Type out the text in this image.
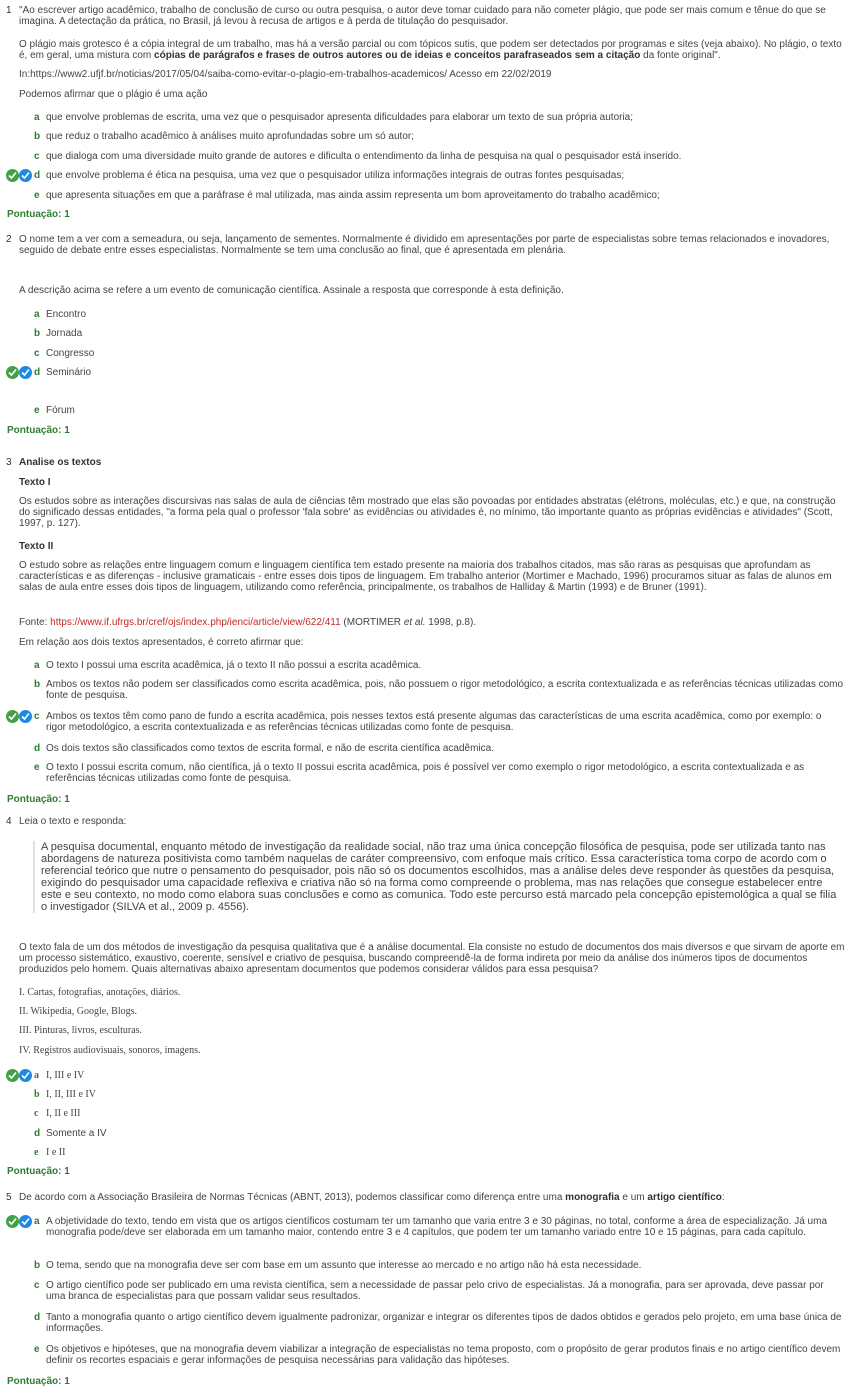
1 "Ao escrever artigo acadêmico, trabalho de conclusão de curso ou outra pesquisa, o autor deve tomar cuidado para não cometer plágio, que pode ser mais comum e tênue do que se imagina. A detectação da prática, no Brasil, já levou à recusa de artigos e à perda de titulação do pesquisador.

O plágio mais grotesco é a cópia integral de um trabalho, mas há a versão parcial ou com tópicos sutis, que podem ser detectados por programas e sites (veja abaixo). No plágio, o texto é, em geral, uma mistura com cópias de parágrafos e frases de outros autores ou de ideias e conceitos parafraseados sem a citação da fonte original".

In:https://www2.ufjf.br/noticias/2017/05/04/saiba-como-evitar-o-plagio-em-trabalhos-academicos/ Acesso em 22/02/2019

Podemos afirmar que o plágio é uma ação

a que envolve problemas de escrita, uma vez que o pesquisador apresenta dificuldades para elaborar um texto de sua própria autoria;
b que reduz o trabalho acadêmico à análises muito aprofundadas sobre um só autor;
c que dialoga com uma diversidade muito grande de autores e dificulta o entendimento da linha de pesquisa na qual o pesquisador está inserido.
d que envolve problema é ética na pesquisa, uma vez que o pesquisador utiliza informações integrais de outras fontes pesquisadas;
e que apresenta situações em que a paráfrase é mal utilizada, mas ainda assim representa um bom aproveitamento do trabalho acadêmico;
Pontuação: 1
2 O nome tem a ver com a semeadura, ou seja, lançamento de sementes. Normalmente é dividido em apresentações por parte de especialistas sobre temas relacionados e inovadores, seguido de debate entre esses especialistas. Normalmente se tem uma conclusão ao final, que é apresentada em plenária.

A descrição acima se refere a um evento de comunicação científica. Assinale a resposta que corresponde à esta definição.

a Encontro
b Jornada
c Congresso
d Seminário
e Fórum
Pontuação: 1
3 Analise os textos

Texto I

Os estudos sobre as interações discursivas nas salas de aula de ciências têm mostrado que elas são povoadas por entidades abstratas (elétrons, moléculas, etc.) e que, na construção do significado dessas entidades, "a forma pela qual o professor 'fala sobre' as evidências ou atividades é, no mínimo, tão importante quanto as próprias evidências e atividades" (Scott, 1997, p. 127).

Texto II

O estudo sobre as relações entre linguagem comum e linguagem científica tem estado presente na maioria dos trabalhos citados, mas são raras as pesquisas que aprofundam as características e as diferenças - inclusive gramaticais - entre esses dois tipos de linguagem. Em trabalho anterior (Mortimer e Machado, 1996) procuramos situar as falas de alunos em salas de aula entre esses dois tipos de linguagem, utilizando como referência, principalmente, os trabalhos de Halliday & Martin (1993) e de Bruner (1991).

Fonte: https://www.if.ufrgs.br/cref/ojs/index.php/ienci/article/view/622/411 (MORTIMER et al. 1998, p.8).

Em relação aos dois textos apresentados, é correto afirmar que:

a O texto I possui uma escrita acadêmica, já o texto II não possui a escrita acadêmica.
b Ambos os textos não podem ser classificados como escrita acadêmica, pois, não possuem o rigor metodológico, a escrita contextualizada e as referências técnicas utilizadas como fonte de pesquisa.
c Ambos os textos têm como pano de fundo a escrita acadêmica, pois nesses textos está presente algumas das características de uma escrita acadêmica, como por exemplo: o rigor metodológico, a escrita contextualizada e as referências técnicas utilizadas como fonte de pesquisa.
d Os dois textos são classificados como textos de escrita formal, e não de escrita científica acadêmica.
e O texto I possui escrita comum, não científica, já o texto II possui escrita acadêmica, pois é possível ver como exemplo o rigor metodológico, a escrita contextualizada e as referências técnicas utilizadas como fonte de pesquisa.
Pontuação: 1
4 Leia o texto e responda:

A pesquisa documental, enquanto método de investigação da realidade social, não traz uma única concepção filosófica de pesquisa, pode ser utilizada tanto nas abordagens de natureza positivista como também naquelas de caráter compreensivo, com enfoque mais crítico. Essa característica toma corpo de acordo com o referencial teórico que nutre o pensamento do pesquisador, pois não só os documentos escolhidos, mas a análise deles deve responder às questões da pesquisa, exigindo do pesquisador uma capacidade reflexiva e criativa não só na forma como compreende o problema, mas nas relações que consegue estabelecer entre este e seu contexto, no modo como elabora suas conclusões e como as comunica. Todo este percurso está marcado pela concepção epistemológica a qual se filia o investigador (SILVA et al., 2009 p. 4556).

O texto fala de um dos métodos de investigação da pesquisa qualitativa que é a análise documental. Ela consiste no estudo de documentos dos mais diversos e que sirvam de aporte em um processo sistemático, exaustivo, coerente, sensível e criativo de pesquisa, buscando compreendê-la de forma indireta por meio da análise dos inúmeros tipos de documentos produzidos pelo homem. Quais alternativas abaixo apresentam documentos que podemos considerar válidos para essa pesquisa?

I. Cartas, fotografias, anotações, diários.

II. Wikipedia, Google, Blogs.

III. Pinturas, livros, esculturas.

IV. Registros audiovisuais, sonoros, imagens.

a I, III e IV
b I, II, III e IV
c I, II e III
d Somente a IV
e I e II
Pontuação: 1
5 De acordo com a Associação Brasileira de Normas Técnicas (ABNT, 2013), podemos classificar como diferença entre uma monografia e um artigo científico:

a A objetividade do texto, tendo em vista que os artigos científicos costumam ter um tamanho que varia entre 3 e 30 páginas, no total, conforme a área de especialização. Já uma monografia pode/deve ser elaborada em um tamanho maior, contendo entre 3 e 4 capítulos, que podem ter um tamanho variado entre 10 e 15 páginas, para cada capítulo.
b O tema, sendo que na monografia deve ser com base em um assunto que interesse ao mercado e no artigo não há esta necessidade.
c O artigo científico pode ser publicado em uma revista científica, sem a necessidade de passar pelo crivo de especialistas. Já a monografia, para ser aprovada, deve passar por uma branca de especialistas para que possam validar seus resultados.
d Tanto a monografia quanto o artigo científico devem igualmente padronizar, organizar e integrar os diferentes tipos de dados obtidos e gerados pelo projeto, em uma base única de informações.
e Os objetivos e hipóteses, que na monografia devem viabilizar a integração de especialistas no tema proposto, com o propósito de gerar produtos finais e no artigo científico devem definir os recortes espaciais e gerar informações de pesquisa necessárias para validação das hipóteses.
Pontuação: 1
